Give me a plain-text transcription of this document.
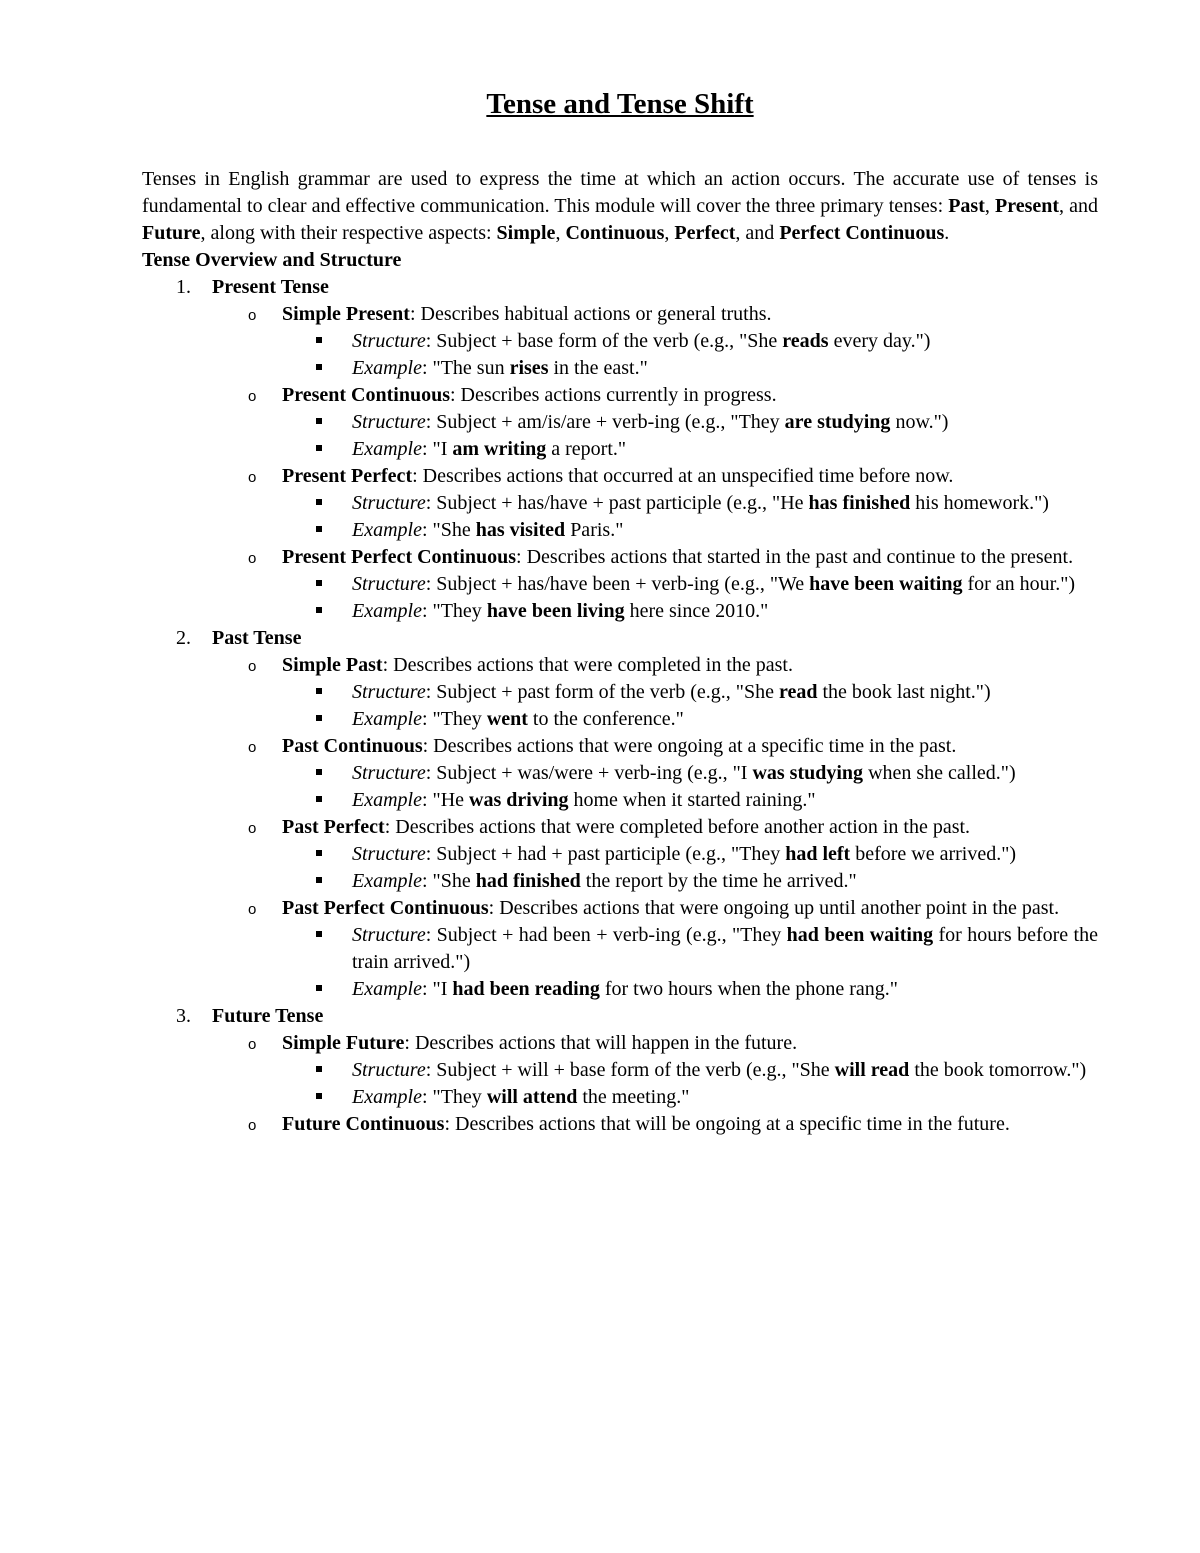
Tense and Tense Shift

Tenses in English grammar are used to express the time at which an action occurs. The accurate use of tenses is fundamental to clear and effective communication. This module will cover the three primary tenses: Past, Present, and Future, along with their respective aspects: Simple, Continuous, Perfect, and Perfect Continuous.

Tense Overview and Structure
1. Present Tense
o Simple Present: Describes habitual actions or general truths.
Structure: Subject + base form of the verb (e.g., "She reads every day.")
Example: "The sun rises in the east."
o Present Continuous: Describes actions currently in progress.
Structure: Subject + am/is/are + verb-ing (e.g., "They are studying now.")
Example: "I am writing a report."
o Present Perfect: Describes actions that occurred at an unspecified time before now.
Structure: Subject + has/have + past participle (e.g., "He has finished his homework.")
Example: "She has visited Paris."
o Present Perfect Continuous: Describes actions that started in the past and continue to the present.
Structure: Subject + has/have been + verb-ing (e.g., "We have been waiting for an hour.")
Example: "They have been living here since 2010."
2. Past Tense
o Simple Past: Describes actions that were completed in the past.
Structure: Subject + past form of the verb (e.g., "She read the book last night.")
Example: "They went to the conference."
o Past Continuous: Describes actions that were ongoing at a specific time in the past.
Structure: Subject + was/were + verb-ing (e.g., "I was studying when she called.")
Example: "He was driving home when it started raining."
o Past Perfect: Describes actions that were completed before another action in the past.
Structure: Subject + had + past participle (e.g., "They had left before we arrived.")
Example: "She had finished the report by the time he arrived."
o Past Perfect Continuous: Describes actions that were ongoing up until another point in the past.
Structure: Subject + had been + verb-ing (e.g., "They had been waiting for hours before the train arrived.")
Example: "I had been reading for two hours when the phone rang."
3. Future Tense
o Simple Future: Describes actions that will happen in the future.
Structure: Subject + will + base form of the verb (e.g., "She will read the book tomorrow.")
Example: "They will attend the meeting."
o Future Continuous: Describes actions that will be ongoing at a specific time in the future.
